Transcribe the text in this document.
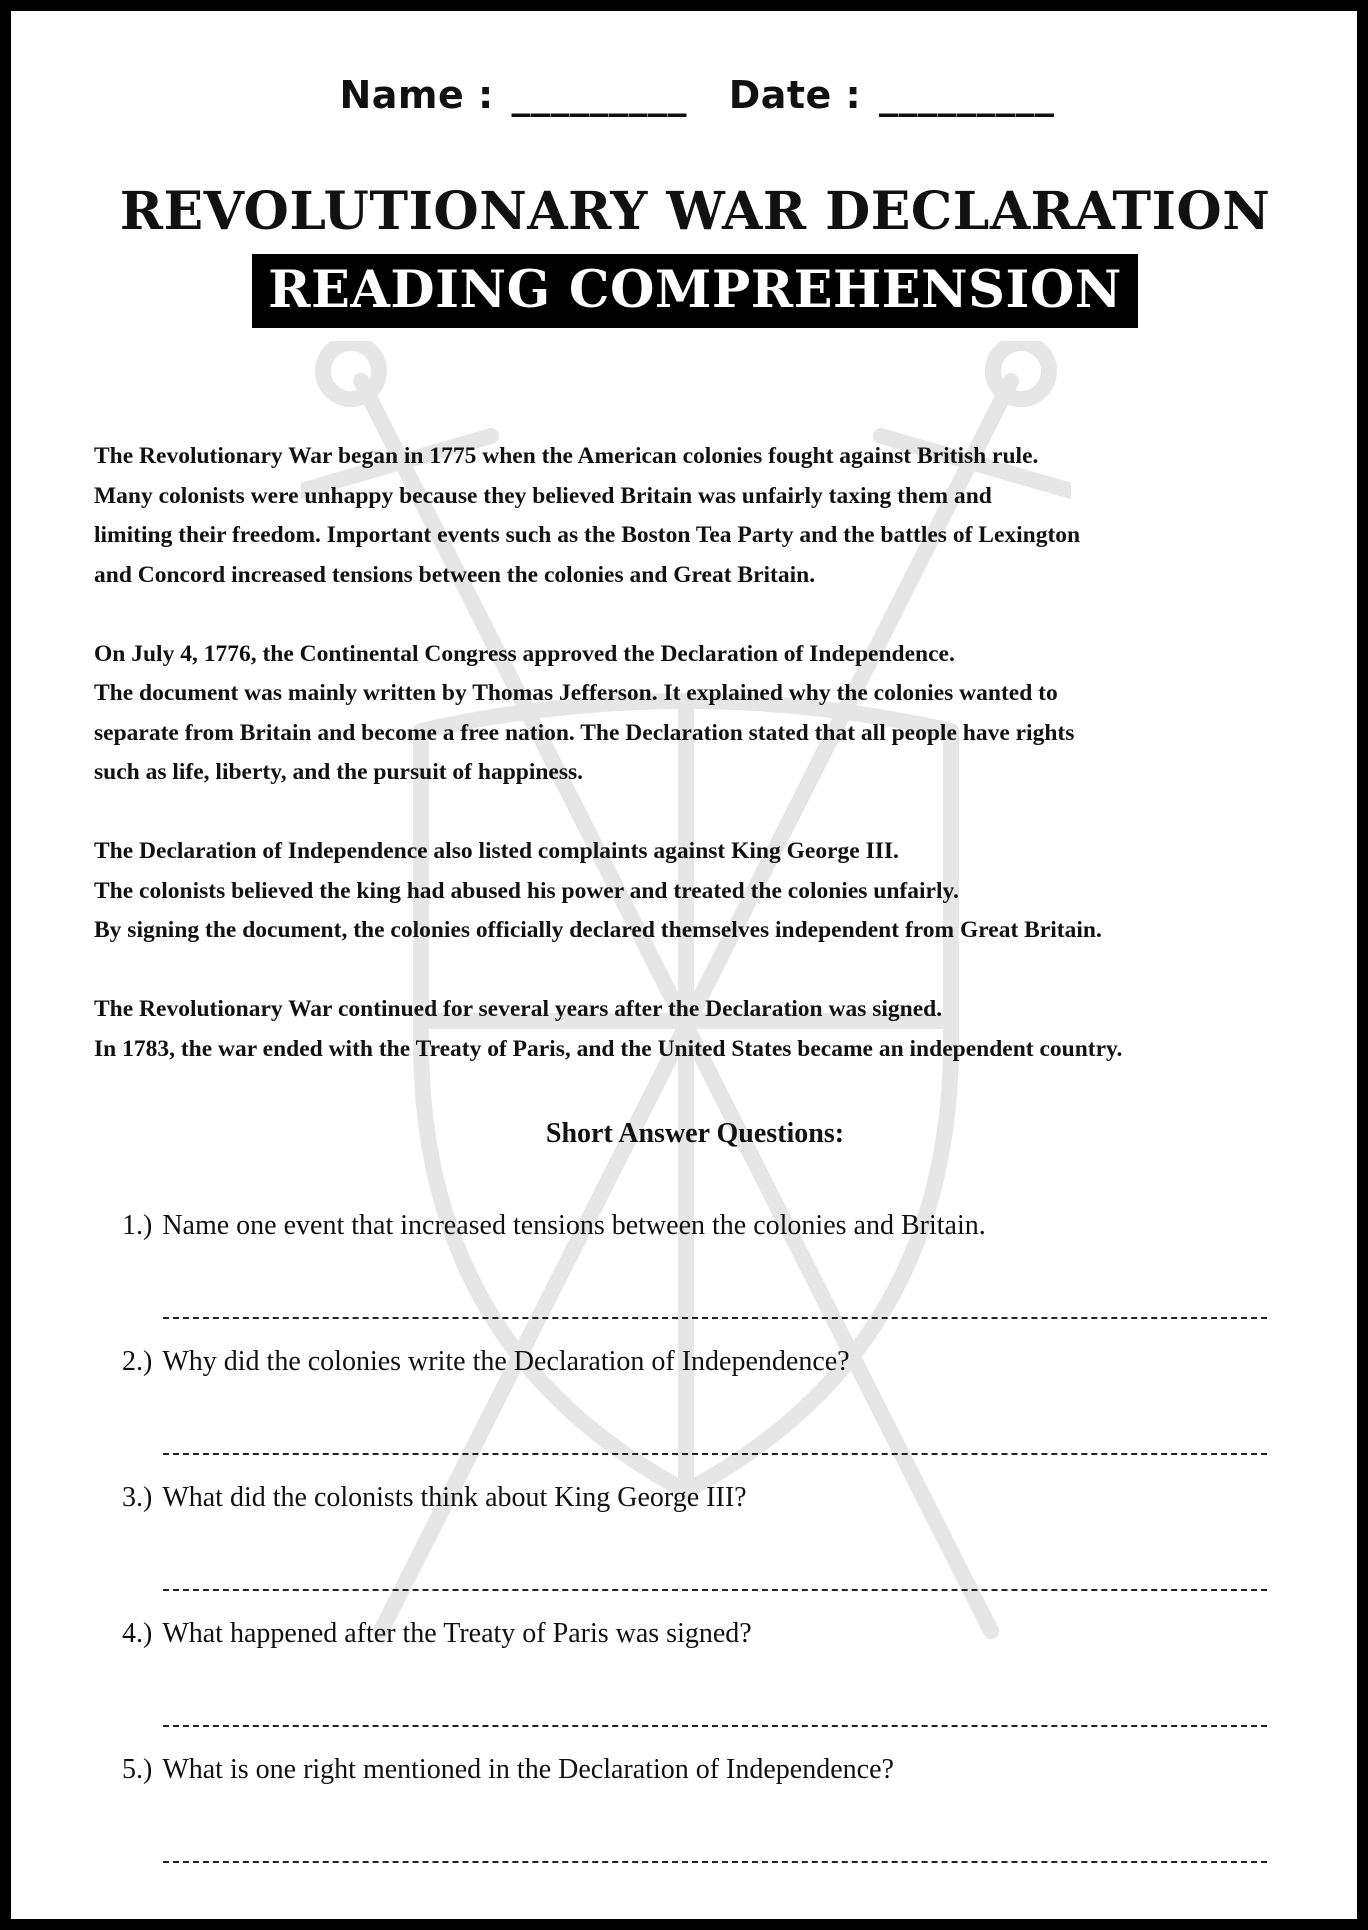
Name : _________ Date : _________
REVOLUTIONARY WAR DECLARATION
READING COMPREHENSION
The Revolutionary War began in 1775 when the American colonies fought against British rule.
Many colonists were unhappy because they believed Britain was unfairly taxing them and
limiting their freedom. Important events such as the Boston Tea Party and the battles of Lexington
and Concord increased tensions between the colonies and Great Britain.
On July 4, 1776, the Continental Congress approved the Declaration of Independence.
The document was mainly written by Thomas Jefferson. It explained why the colonies wanted to
separate from Britain and become a free nation. The Declaration stated that all people have rights
such as life, liberty, and the pursuit of happiness.
The Declaration of Independence also listed complaints against King George III.
The colonists believed the king had abused his power and treated the colonies unfairly.
By signing the document, the colonies officially declared themselves independent from Great Britain.
The Revolutionary War continued for several years after the Declaration was signed.
In 1783, the war ended with the Treaty of Paris, and the United States became an independent country.
Short Answer Questions:
1.) Name one event that increased tensions between the colonies and Britain.
2.) Why did the colonies write the Declaration of Independence?
3.) What did the colonists think about King George III?
4.) What happened after the Treaty of Paris was signed?
5.) What is one right mentioned in the Declaration of Independence?
